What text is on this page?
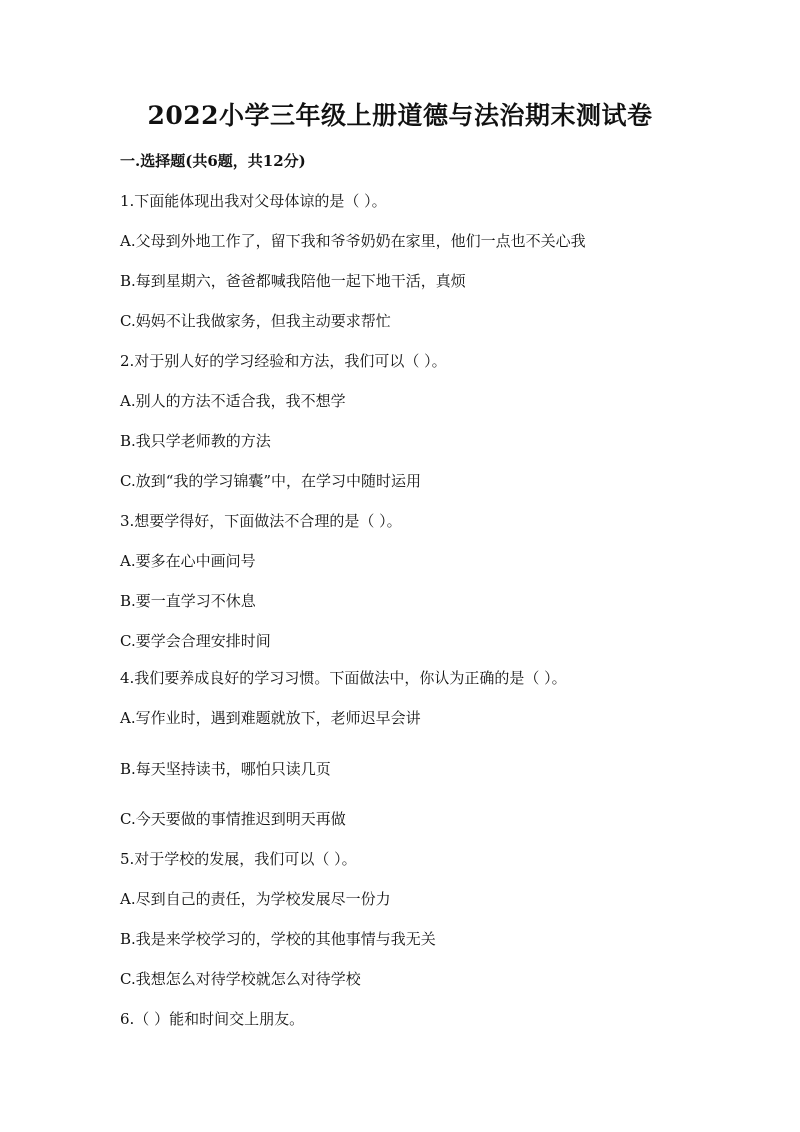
2022小学三年级上册道德与法治期末测试卷
一.选择题(共6题，共12分)
1.下面能体现出我对父母体谅的是（ ）。
A.父母到外地工作了，留下我和爷爷奶奶在家里，他们一点也不关心我
B.每到星期六，爸爸都喊我陪他一起下地干活，真烦
C.妈妈不让我做家务，但我主动要求帮忙
2.对于别人好的学习经验和方法，我们可以（ ）。
A.别人的方法不适合我，我不想学
B.我只学老师教的方法
C.放到“我的学习锦囊”中，在学习中随时运用
3.想要学得好，下面做法不合理的是（ ）。
A.要多在心中画问号
B.要一直学习不休息
C.要学会合理安排时间
4.我们要养成良好的学习习惯。下面做法中，你认为正确的是（ ）。
A.写作业时，遇到难题就放下，老师迟早会讲
B.每天坚持读书，哪怕只读几页
C.今天要做的事情推迟到明天再做
5.对于学校的发展，我们可以（ ）。
A.尽到自己的责任，为学校发展尽一份力
B.我是来学校学习的，学校的其他事情与我无关
C.我想怎么对待学校就怎么对待学校
6.（ ）能和时间交上朋友。
